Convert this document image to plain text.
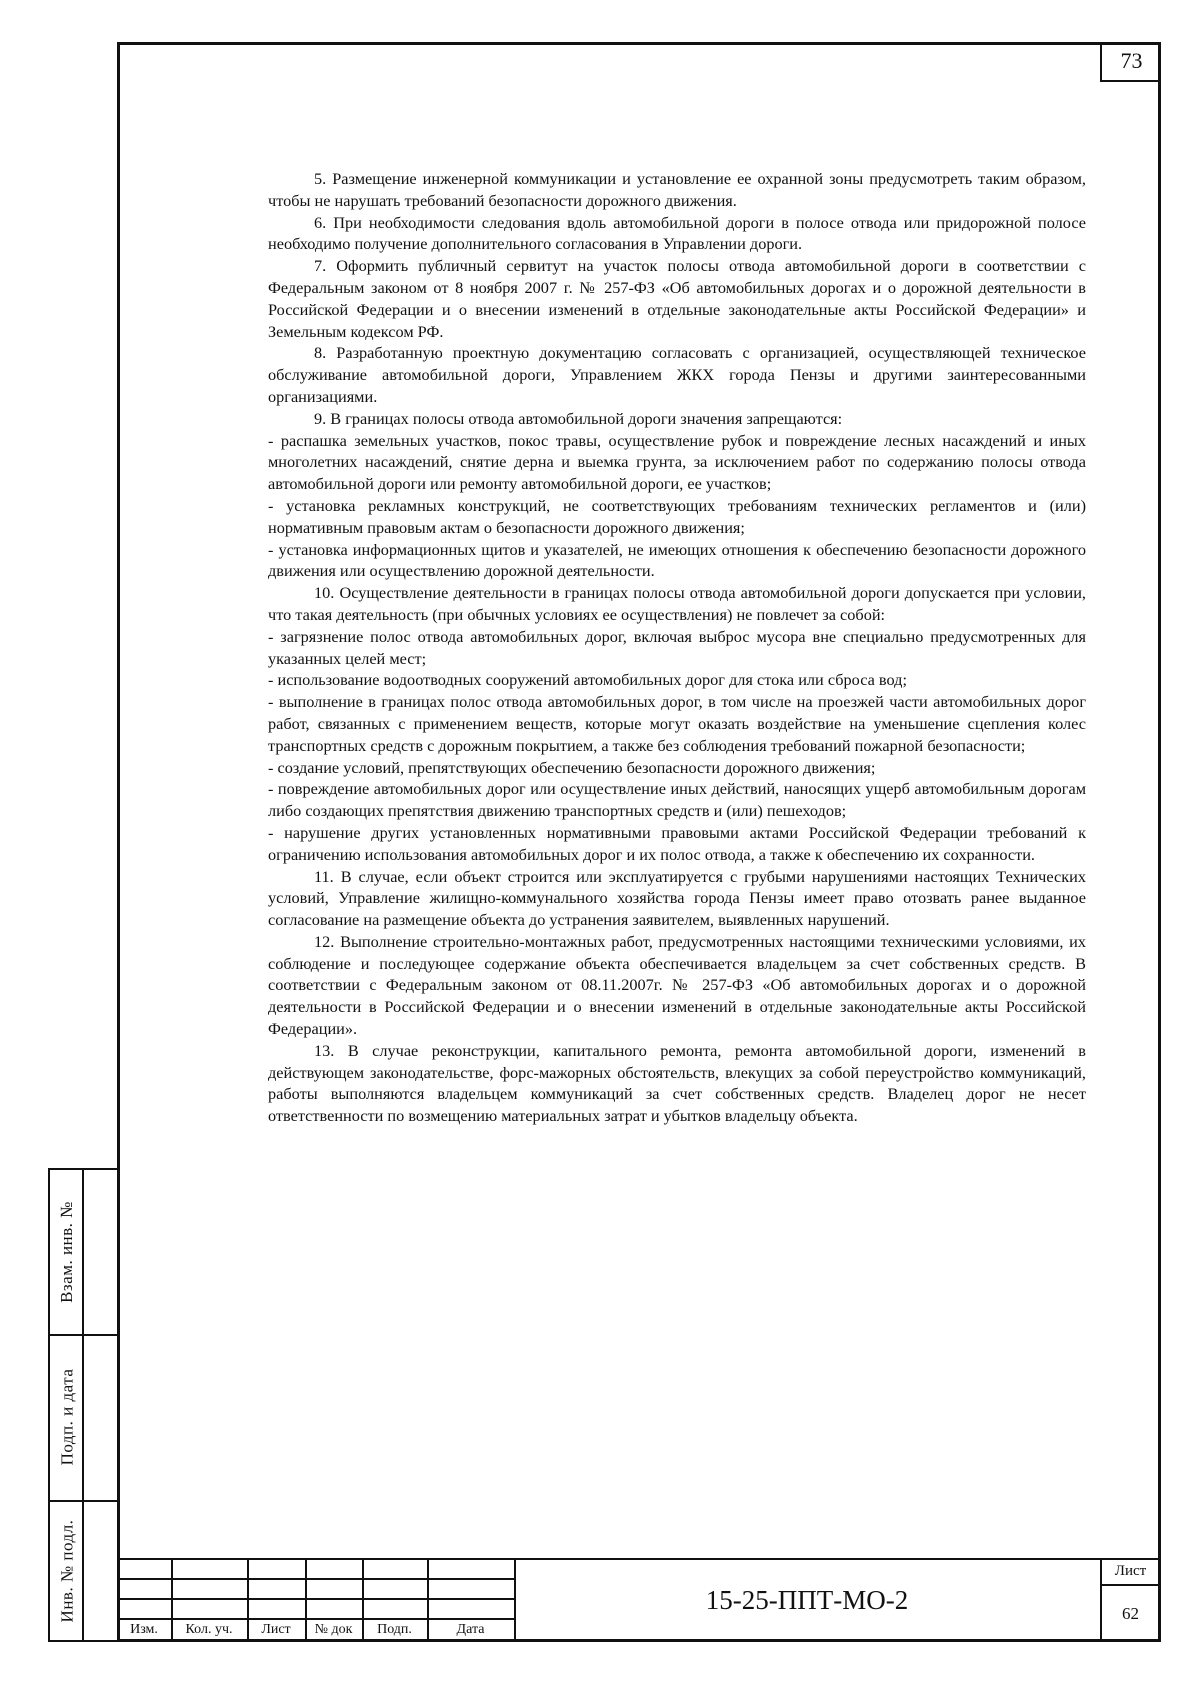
73
Взам. инв. №
Подп. и дата
Инв. № подл.

5. Размещение инженерной коммуникации и установление ее охранной зоны предусмотреть таким образом, чтобы не нарушать требований безопасности дорожного движения.

6. При необходимости следования вдоль автомобильной дороги в полосе отвода или придорожной полосе необходимо получение дополнительного согласования в Управлении дороги.

7. Оформить публичный сервитут на участок полосы отвода автомобильной дороги в соответствии с Федеральным законом от 8 ноября 2007 г. № 257-ФЗ «Об автомобильных дорогах и о дорожной деятельности в Российской Федерации и о внесении изменений в отдельные законодательные акты Российской Федерации» и Земельным кодексом РФ.

8. Разработанную проектную документацию согласовать с организацией, осуществляющей техническое обслуживание автомобильной дороги, Управлением ЖКХ города Пензы и другими заинтересованными организациями.

9. В границах полосы отвода автомобильной дороги значения запрещаются:

- распашка земельных участков, покос травы, осуществление рубок и повреждение лесных насаждений и иных многолетних насаждений, снятие дерна и выемка грунта, за исключением работ по содержанию полосы отвода автомобильной дороги или ремонту автомобильной дороги, ее участков;

- установка рекламных конструкций, не соответствующих требованиям технических регламентов и (или) нормативным правовым актам о безопасности дорожного движения;

- установка информационных щитов и указателей, не имеющих отношения к обеспечению безопасности дорожного движения или осуществлению дорожной деятельности.

10. Осуществление деятельности в границах полосы отвода автомобильной дороги допускается при условии, что такая деятельность (при обычных условиях ее осуществления) не повлечет за собой:

- загрязнение полос отвода автомобильных дорог, включая выброс мусора вне специально предусмотренных для указанных целей мест;

- использование водоотводных сооружений автомобильных дорог для стока или сброса вод;

- выполнение в границах полос отвода автомобильных дорог, в том числе на проезжей части автомобильных дорог работ, связанных с применением веществ, которые могут оказать воздействие на уменьшение сцепления колес транспортных средств с дорожным покрытием, а также без соблюдения требований пожарной безопасности;

- создание условий, препятствующих обеспечению безопасности дорожного движения;

- повреждение автомобильных дорог или осуществление иных действий, наносящих ущерб автомобильным дорогам либо создающих препятствия движению транспортных средств и (или) пешеходов;

- нарушение других установленных нормативными правовыми актами Российской Федерации требований к ограничению использования автомобильных дорог и их полос отвода, а также к обеспечению их сохранности.

11. В случае, если объект строится или эксплуатируется с грубыми нарушениями настоящих Технических условий, Управление жилищно-коммунального хозяйства города Пензы имеет право отозвать ранее выданное согласование на размещение объекта до устранения заявителем, выявленных нарушений.

12. Выполнение строительно-монтажных работ, предусмотренных настоящими техническими условиями, их соблюдение и последующее содержание объекта обеспечивается владельцем за счет собственных средств. В соответствии с Федеральным законом от 08.11.2007г. № 257-ФЗ «Об автомобильных дорогах и о дорожной деятельности в Российской Федерации и о внесении изменений в отдельные законодательные акты Российской Федерации».

13. В случае реконструкции, капитального ремонта, ремонта автомобильной дороги, изменений в действующем законодательстве, форс-мажорных обстоятельств, влекущих за собой переустройство коммуникаций, работы выполняются владельцем коммуникаций за счет собственных средств. Владелец дорог не несет ответственности по возмещению материальных затрат и убытков владельцу объекта.

Изм.	Кол. уч.	Лист	№ док	Подп.	Дата
15-25-ППТ-МО-2
Лист
62
